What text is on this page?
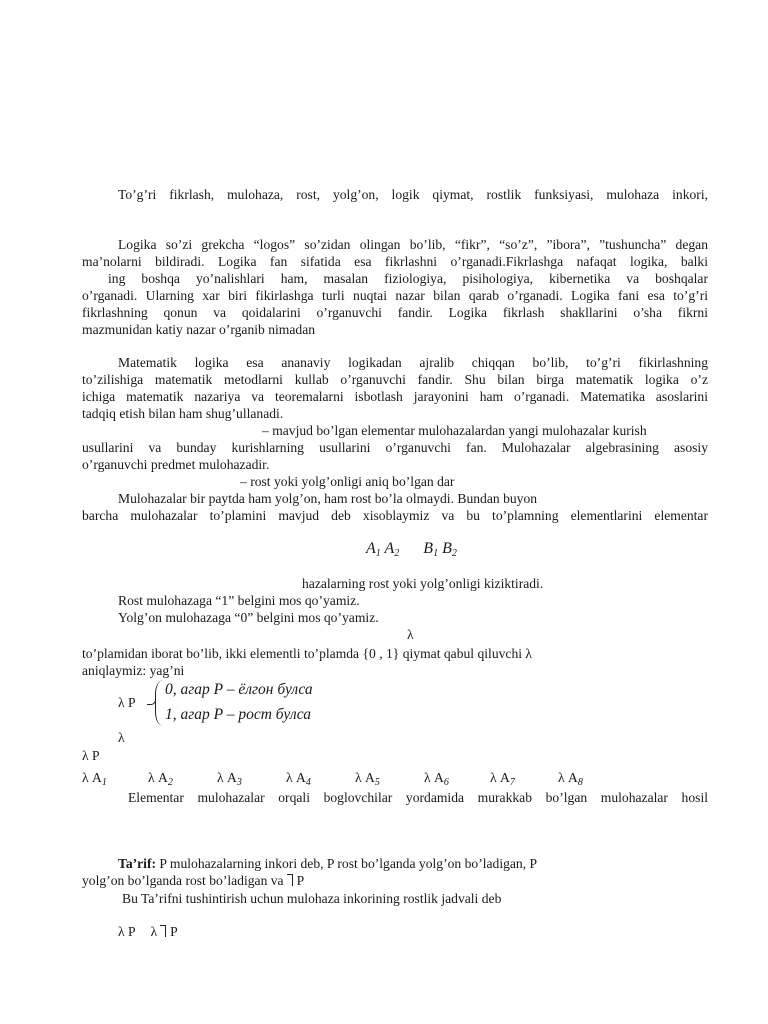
To’g’ri fikrlash, mulohaza, rost, yolg’on, logik qiymat, rostlik funksiyasi, mulohaza inkori,
Logika so’zi grekcha “logos” so’zidan olingan bo’lib, “fikr”, “so’z”, ”ibora”, ”tushuncha” degan
ma’nolarni bildiradi. Logika fan sifatida esa fikrlashni o’rganadi.Fikrlashga nafaqat logika, balki
ing boshqa yo’nalishlari ham, masalan fiziologiya, pisihologiya, kibernetika va boshqalar
o’rganadi. Ularning xar biri fikirlashga turli nuqtai nazar bilan qarab o’rganadi. Logika fani esa to’g’ri
fikrlashning qonun va qoidalarini o’rganuvchi fandir. Logika fikrlash shakllarini o’sha fikrni
mazmunidan katiy nazar o’rganib nimadan
Matematik logika esa ananaviy logikadan ajralib chiqqan bo’lib, to’g’ri fikirlashning
to’zilishiga matematik metodlarni kullab o’rganuvchi fandir. Shu bilan birga matematik logika o’z
ichiga matematik nazariya va teoremalarni isbotlash jarayonini ham o’rganadi. Matematika asoslarini
tadqiq etish bilan ham shug’ullanadi.
– mavjud bo’lgan elementar mulohazalardan yangi mulohazalar kurish
usullarini va bunday kurishlarning usullarini o’rganuvchi fan. Mulohazalar algebrasining asosiy
o’rganuvchi predmet mulohazadir.
– rost yoki yolg’onligi aniq bo’lgan dar
Mulohazalar bir paytda ham yolg’on, ham rost bo’la olmaydi. Bundan buyon
barcha mulohazalar to’plamini mavjud deb xisoblaymiz va bu to’plamning elementlarini elementar
$A_1$ $A_2$ $B_1$ $B_2$
hazalarning rost yoki yolg’onligi kiziktiradi.
Rost mulohazaga “1” belgini mos qo’yamiz.
Yolg’on mulohazaga “0” belgini mos qo’yamiz.
λ
to’plamidan iborat bo’lib, ikki elementli to’plamda {0 , 1} qiymat qabul qiluvchi λ
aniqlaymiz: yag’ni
λ P
0, агар P – ёлгон булса
1, агар P – рост булса
λ
λ P
λ $A_1$	λ $A_2$	λ $A_3$	λ $A_4$	λ $A_5$	λ $A_6$	λ $A_7$	λ $A_8$
Elementar mulohazalar orqali boglovchilar yordamida murakkab bo’lgan mulohazalar hosil
Ta’rif: P mulohazalarning inkori deb, P rost bo’lganda yolg’on bo’ladigan, P
yolg’on bo’lganda rost bo’ladigan va P
Bu Ta’rifni tushintirish uchun mulohaza inkorining rostlik jadvali deb
λ P λ P
